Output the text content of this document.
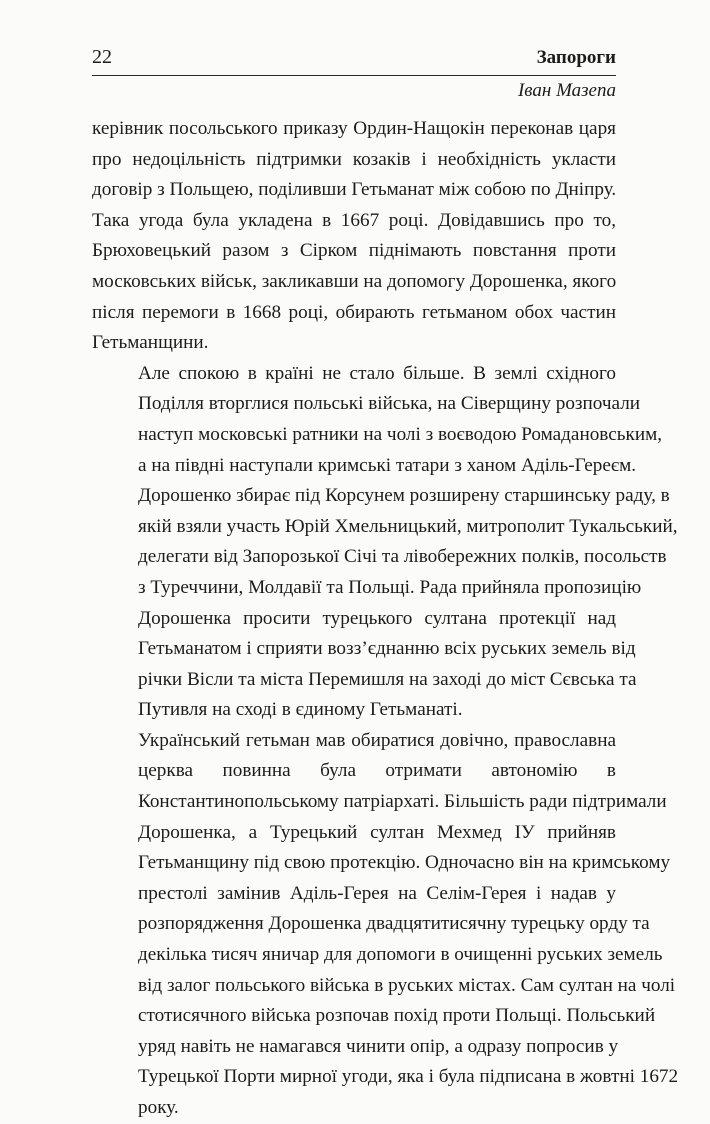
22	Запороги
Іван Мазепа
керівник посольського приказу Ордин-Нащокін переконав царя
про недоцільність підтримки козаків і необхідність укласти
договір з Польщею, поділивши Гетьманат між собою по Дніпру.
Така угода була укладена в 1667 році. Довідавшись про то,
Брюховецький разом з Сірком піднімають повстання проти
московських військ, закликавши на допомогу Дорошенка, якого
після перемоги в 1668 році, обирають гетьманом обох частин
Гетьманщини.
Але спокою в країні не стало більше. В землі східного
Поділля вторглися польські війська, на Сіверщину розпочали
наступ московські ратники на чолі з воєводою Ромадановським,
а на півдні наступали кримські татари з ханом Аділь-Гереєм.
Дорошенко збирає під Корсунем розширену старшинську раду, в
якій взяли участь Юрій Хмельницький, митрополит Тукальський,
делегати від Запорозької Січі та лівобережних полків, посольств
з Туреччини, Молдавії та Польщі. Рада прийняла пропозицію
Дорошенка просити турецького султана протекції над
Гетьманатом і сприяти возз’єднанню всіх руських земель від
річки Вісли та міста Перемишля на заході до міст Сєвська та
Путивля на сході в єдиному Гетьманаті.
Український гетьман мав обиратися довічно, православна
церква повинна була отримати автономію в
Константинопольському патріархаті. Більшість ради підтримали
Дорошенка, а Турецький султан Мехмед ІУ прийняв
Гетьманщину під свою протекцію. Одночасно він на кримському
престолі замінив Аділь-Герея на Селім-Герея і надав у
розпорядження Дорошенка двадцятитисячну турецьку орду та
декілька тисяч яничар для допомоги в очищенні руських земель
від залог польського війська в руських містах. Сам султан на чолі
стотисячного війська розпочав похід проти Польщі. Польський
уряд навіть не намагався чинити опір, а одразу попросив у
Турецької Порти мирної угоди, яка і була підписана в жовтні 1672
року.
